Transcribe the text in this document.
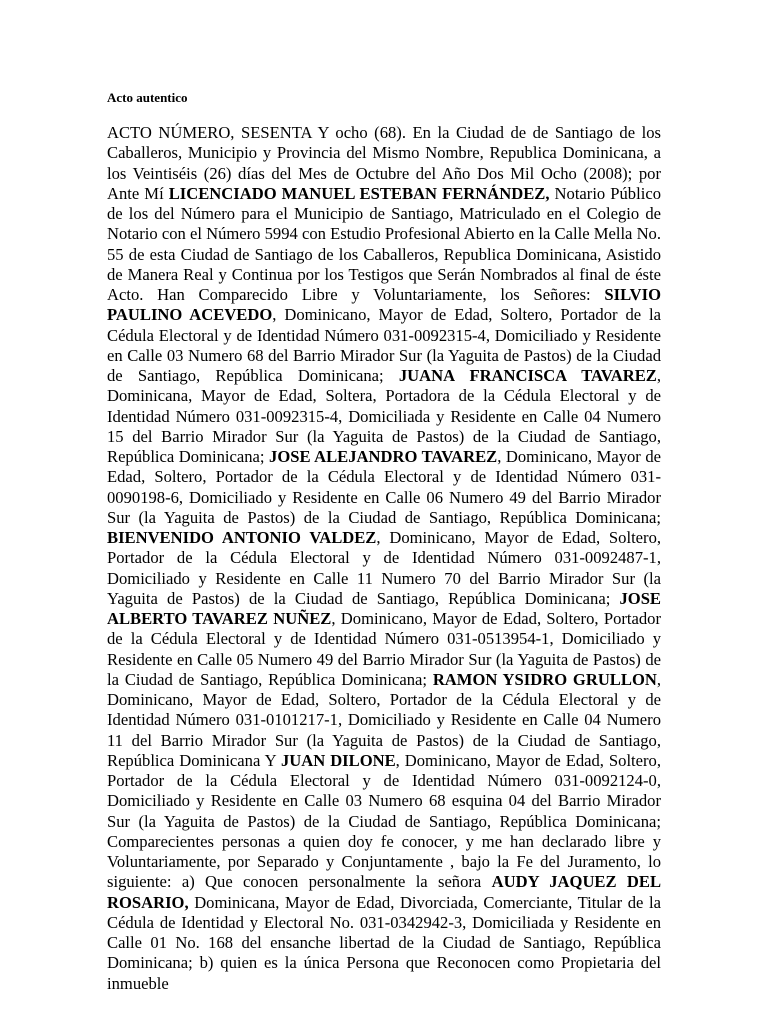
Acto autentico

ACTO NÚMERO, SESENTA Y ocho (68). En la Ciudad de de Santiago de los Caballeros, Municipio y Provincia del Mismo Nombre, Republica Dominicana, a los Veintiséis (26) días del Mes de Octubre del Año Dos Mil Ocho (2008); por Ante Mí LICENCIADO MANUEL ESTEBAN FERNÁNDEZ, Notario Público de los del Número para el Municipio de Santiago, Matriculado en el Colegio de Notario con el Número 5994 con Estudio Profesional Abierto en la Calle Mella No. 55 de esta Ciudad de Santiago de los Caballeros, Republica Dominicana, Asistido de Manera Real y Continua por los Testigos que Serán Nombrados al final de éste Acto. Han Comparecido Libre y Voluntariamente, los Señores: SILVIO PAULINO ACEVEDO, Dominicano, Mayor de Edad, Soltero, Portador de la Cédula Electoral y de Identidad Número 031-0092315-4, Domiciliado y Residente en Calle 03 Numero 68 del Barrio Mirador Sur (la Yaguita de Pastos) de la Ciudad de Santiago, República Dominicana; JUANA FRANCISCA TAVAREZ, Dominicana, Mayor de Edad, Soltera, Portadora de la Cédula Electoral y de Identidad Número 031-0092315-4, Domiciliada y Residente en Calle 04 Numero 15 del Barrio Mirador Sur (la Yaguita de Pastos) de la Ciudad de Santiago, República Dominicana; JOSE ALEJANDRO TAVAREZ, Dominicano, Mayor de Edad, Soltero, Portador de la Cédula Electoral y de Identidad Número 031-0090198-6, Domiciliado y Residente en Calle 06 Numero 49 del Barrio Mirador Sur (la Yaguita de Pastos) de la Ciudad de Santiago, República Dominicana; BIENVENIDO ANTONIO VALDEZ, Dominicano, Mayor de Edad, Soltero, Portador de la Cédula Electoral y de Identidad Número 031-0092487-1, Domiciliado y Residente en Calle 11 Numero 70 del Barrio Mirador Sur (la Yaguita de Pastos) de la Ciudad de Santiago, República Dominicana; JOSE ALBERTO TAVAREZ NUÑEZ, Dominicano, Mayor de Edad, Soltero, Portador de la Cédula Electoral y de Identidad Número 031-0513954-1, Domiciliado y Residente en Calle 05 Numero 49 del Barrio Mirador Sur (la Yaguita de Pastos) de la Ciudad de Santiago, República Dominicana; RAMON YSIDRO GRULLON, Dominicano, Mayor de Edad, Soltero, Portador de la Cédula Electoral y de Identidad Número 031-0101217-1, Domiciliado y Residente en Calle 04 Numero 11 del Barrio Mirador Sur (la Yaguita de Pastos) de la Ciudad de Santiago, República Dominicana Y JUAN DILONE, Dominicano, Mayor de Edad, Soltero, Portador de la Cédula Electoral y de Identidad Número 031-0092124-0, Domiciliado y Residente en Calle 03 Numero 68 esquina 04 del Barrio Mirador Sur (la Yaguita de Pastos) de la Ciudad de Santiago, República Dominicana; Comparecientes personas a quien doy fe conocer, y me han declarado libre y Voluntariamente, por Separado y Conjuntamente , bajo la Fe del Juramento, lo siguiente: a) Que conocen personalmente la señora AUDY JAQUEZ DEL ROSARIO, Dominicana, Mayor de Edad, Divorciada, Comerciante, Titular de la Cédula de Identidad y Electoral No. 031-0342942-3, Domiciliada y Residente en Calle 01 No. 168 del ensanche libertad de la Ciudad de Santiago, República Dominicana; b) quien es la única Persona que Reconocen como Propietaria del inmueble
